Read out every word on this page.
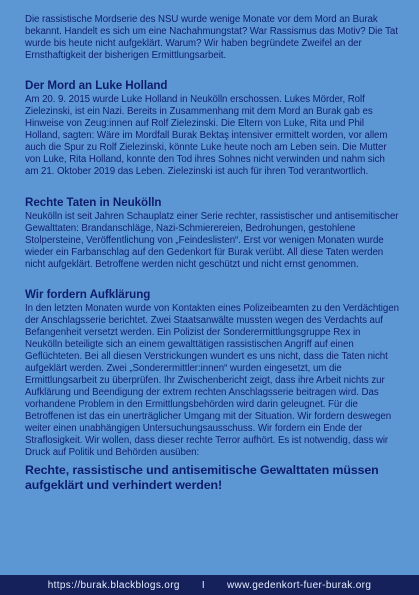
Die rassistische Mordserie des NSU wurde wenige Monate vor dem Mord an Burak bekannt. Handelt es sich um eine Nachahmungstat? War Rassismus das Motiv? Die Tat wurde bis heute nicht aufgeklärt. Warum? Wir haben begründete Zweifel an der Ernsthaftigkeit der bisherigen Ermittlungsarbeit.

Der Mord an Luke Holland

Am 20. 9. 2015 wurde Luke Holland in Neukölln erschossen. Lukes Mörder, Rolf Zielezinski, ist ein Nazi. Bereits in Zusammenhang mit dem Mord an Burak gab es Hinweise von Zeug:innen auf Rolf Zielezinski. Die Eltern von Luke, Rita und Phil Holland, sagten: Wäre im Mordfall Burak Bektaş intensiver ermittelt worden, vor allem auch die Spur zu Rolf Zielezinski, könnte Luke heute noch am Leben sein. Die Mutter von Luke, Rita Holland, konnte den Tod ihres Sohnes nicht verwinden und nahm sich am 21. Oktober 2019 das Leben. Zielezinski ist auch für ihren Tod verantwortlich.

Rechte Taten in Neukölln

Neukölln ist seit Jahren Schauplatz einer Serie rechter, rassistischer und antisemitischer Gewalttaten: Brandanschläge, Nazi-Schmierereien, Bedrohungen, gestohlene Stolpersteine, Veröffentlichung von „Feindeslisten“. Erst vor wenigen Monaten wurde wieder ein Farbanschlag auf den Gedenkort für Burak verübt. All diese Taten werden nicht aufgeklärt. Betroffene werden nicht geschützt und nicht ernst genommen.

Wir fordern Aufklärung

In den letzten Monaten wurde von Kontakten eines Polizeibeamten zu den Verdächtigen der Anschlagsserie berichtet. Zwei Staatsanwälte mussten wegen des Verdachts auf Befangenheit versetzt werden. Ein Polizist der Sonderermittlungsgruppe Rex in Neukölln beteiligte sich an einem gewalttätigen rassistischen Angriff auf einen Geflüchteten. Bei all diesen Verstrickungen wundert es uns nicht, dass die Taten nicht aufgeklärt werden. Zwei „Sonderermittler:innen“ wurden eingesetzt, um die Ermittlungsarbeit zu überprüfen. Ihr Zwischenbericht zeigt, dass ihre Arbeit nichts zur Aufklärung und Beendigung der extrem rechten Anschlagsserie beitragen wird. Das vorhandene Problem in den Ermittlungsbehörden wird darin geleugnet. Für die Betroffenen ist das ein unerträglicher Umgang mit der Situation. Wir fordern deswegen weiter einen unabhängigen Untersuchungsausschuss. Wir fordern ein Ende der Straflosigkeit. Wir wollen, dass dieser rechte Terror aufhört. Es ist notwendig, dass wir Druck auf Politik und Behörden ausüben:

Rechte, rassistische und antisemitische Gewalttaten müssen aufgeklärt und verhindert werden!

https://burak.blackblogs.org I www.gedenkort-fuer-burak.org
